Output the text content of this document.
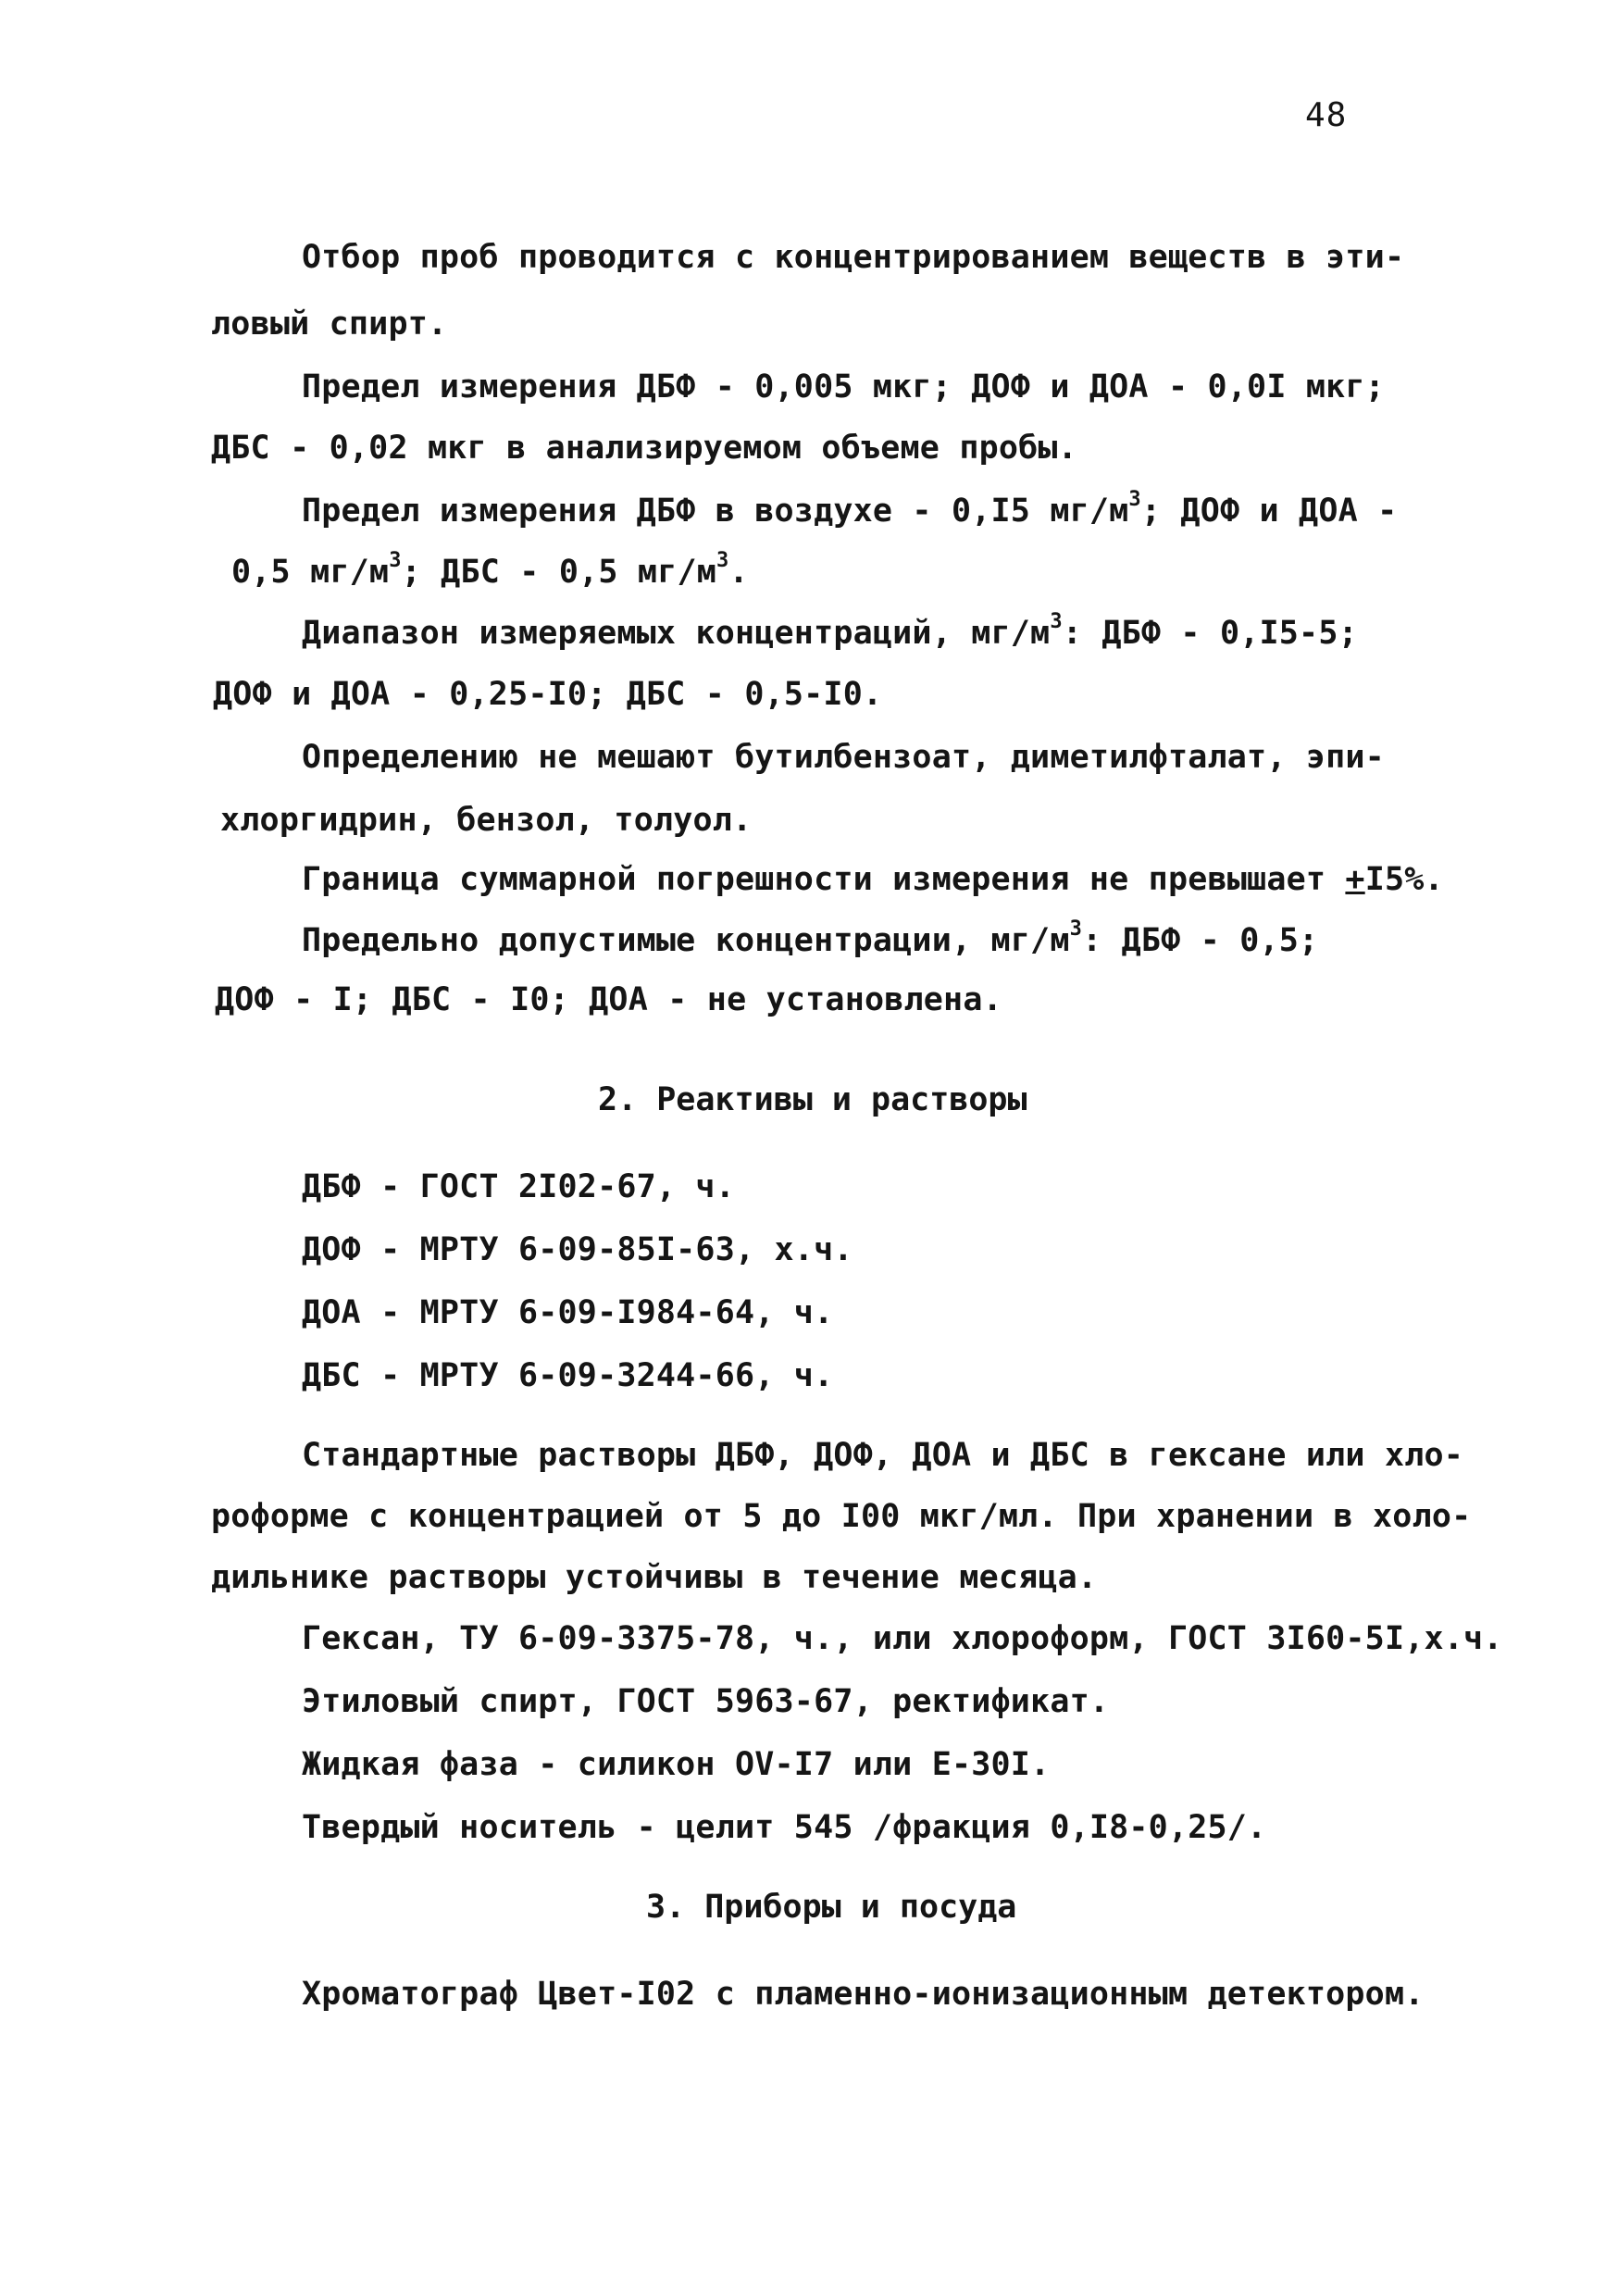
48
Отбор проб проводится с концентрированием веществ в эти-
ловый спирт.
Предел измерения ДБФ - 0,005 мкг; ДОФ и ДОА - 0,0I мкг;
ДБС - 0,02 мкг в анализируемом объеме пробы.
Предел измерения ДБФ в воздухе - 0,I5 $мг/м^3$; ДОФ и ДОА -
0,5 $мг/м^3$; ДБС - 0,5 $мг/м^3$.
Диапазон измеряемых концентраций, $мг/м^3$: ДБФ - 0,I5-5;
ДОФ и ДОА - 0,25-I0; ДБС - 0,5-I0.
Определению не мешают бутилбензоат, диметилфталат, эпи-
хлоргидрин, бензол, толуол.
Граница суммарной погрешности измерения не превышает +I5%.
Предельно допустимые концентрации, $мг/м^3$: ДБФ - 0,5;
ДОФ - I; ДБС - I0; ДОА - не установлена.
2. Реактивы и растворы
ДБФ - ГОСТ 2I02-67, ч.
ДОФ - МРТУ 6-09-85I-63, х.ч.
ДОА - МРТУ 6-09-I984-64, ч.
ДБС - МРТУ 6-09-3244-66, ч.
Стандартные растворы ДБФ, ДОФ, ДОА и ДБС в гексане или хло-
роформе с концентрацией от 5 до I00 мкг/мл. При хранении в холо-
дильнике растворы устойчивы в течение месяца.
Гексан, ТУ 6-09-3375-78, ч., или хлороформ, ГОСТ 3I60-5I,х.ч.
Этиловый спирт, ГОСТ 5963-67, ректификат.
Жидкая фаза - силикон OV-I7 или Е-30I.
Твердый носитель - целит 545 /фракция 0,I8-0,25/.
3. Приборы и посуда
Хроматограф Цвет-I02 с пламенно-ионизационным детектором.
